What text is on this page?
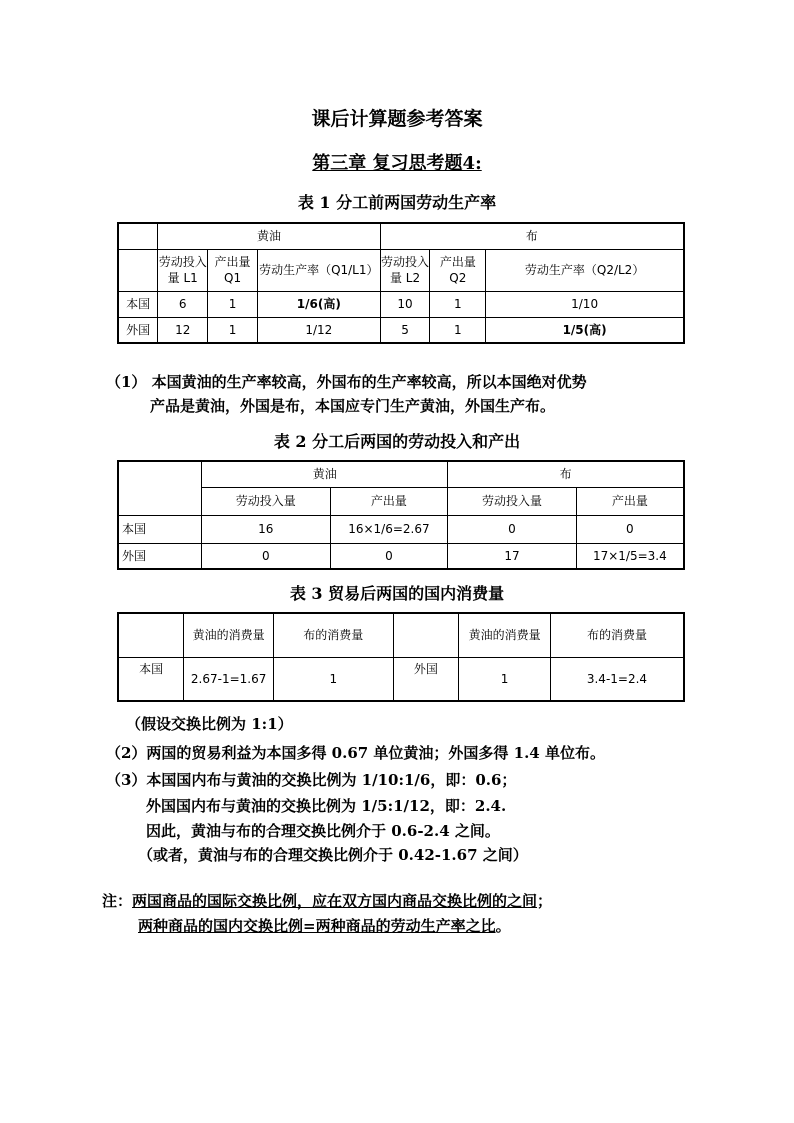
课后计算题参考答案
第三章 复习思考题4:
表 1 分工前两国劳动生产率
	黄油			布		
	劳动投入量 L1	产出量 Q1	劳动生产率（Q1/L1）	劳动投入量 L2	产出量 Q2	劳动生产率（Q2/L2）
本国	6	1	1/6(高)	10	1	1/10
外国	12	1	1/12	5	1	1/5(高)
（1） 本国黄油的生产率较高，外国布的生产率较高，所以本国绝对优势
产品是黄油，外国是布，本国应专门生产黄油，外国生产布。
表 2 分工后两国的劳动投入和产出
	黄油		布	
	劳动投入量	产出量	劳动投入量	产出量
本国	16	16×1/6=2.67	0	0
外国	0	0	17	17×1/5=3.4
表 3 贸易后两国的国内消费量
	黄油的消费量	布的消费量		黄油的消费量	布的消费量
本国	2.67-1=1.67	1	外国	1	3.4-1=2.4
（假设交换比例为 1:1）
（2）两国的贸易利益为本国多得 0.67 单位黄油；外国多得 1.4 单位布。
（3）本国国内布与黄油的交换比例为 1/10:1/6，即：0.6；
外国国内布与黄油的交换比例为 1/5:1/12，即：2.4.
因此，黄油与布的合理交换比例介于 0.6-2.4 之间。
（或者，黄油与布的合理交换比例介于 0.42-1.67 之间）
注：两国商品的国际交换比例，应在双方国内商品交换比例的之间；
两种商品的国内交换比例=两种商品的劳动生产率之比。
